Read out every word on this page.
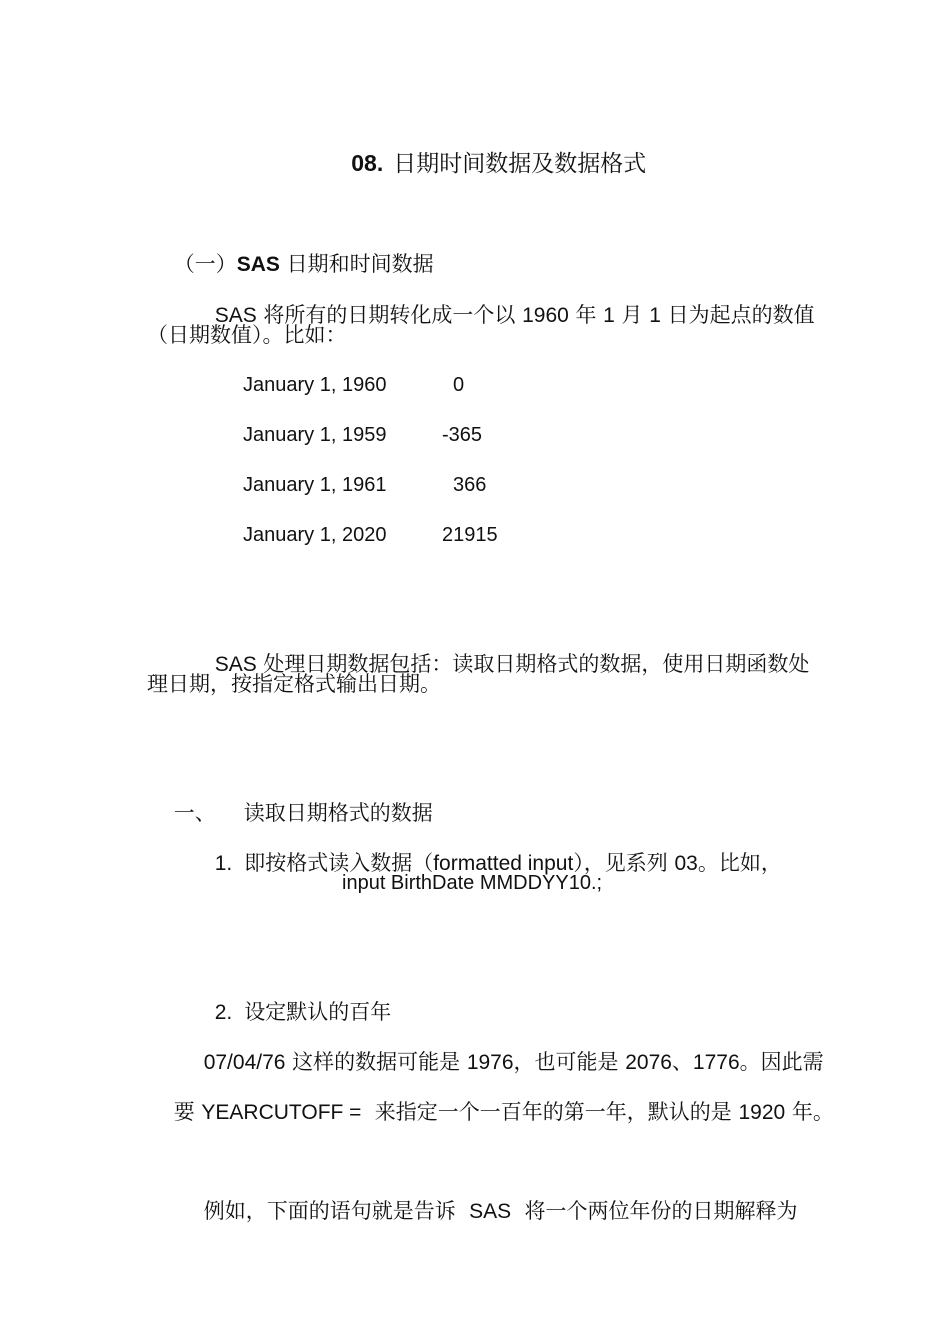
08. 日期时间数据及数据格式

（一）SAS 日期和时间数据

SAS 将所有的日期转化成一个以 1960 年 1 月 1 日为起点的数值

（日期数值）。比如：
January 1, 1960	0
January 1, 1959	-365
January 1, 1961	366
January 1, 2020	21915

SAS 处理日期数据包括：读取日期格式的数据，使用日期函数处

理日期，按指定格式输出日期。

一、 读取日期格式的数据

1. 即按格式读入数据（formatted input），见系列 03。比如，

input BirthDate MMDDYY10.;

2. 设定默认的百年

07/04/76 这样的数据可能是 1976，也可能是 2076、1776。因此需

要 YEARCUTOFF =  来指定一个一百年的第一年，默认的是 1920 年。

例如，下面的语句就是告诉  SAS  将一个两位年份的日期解释为
